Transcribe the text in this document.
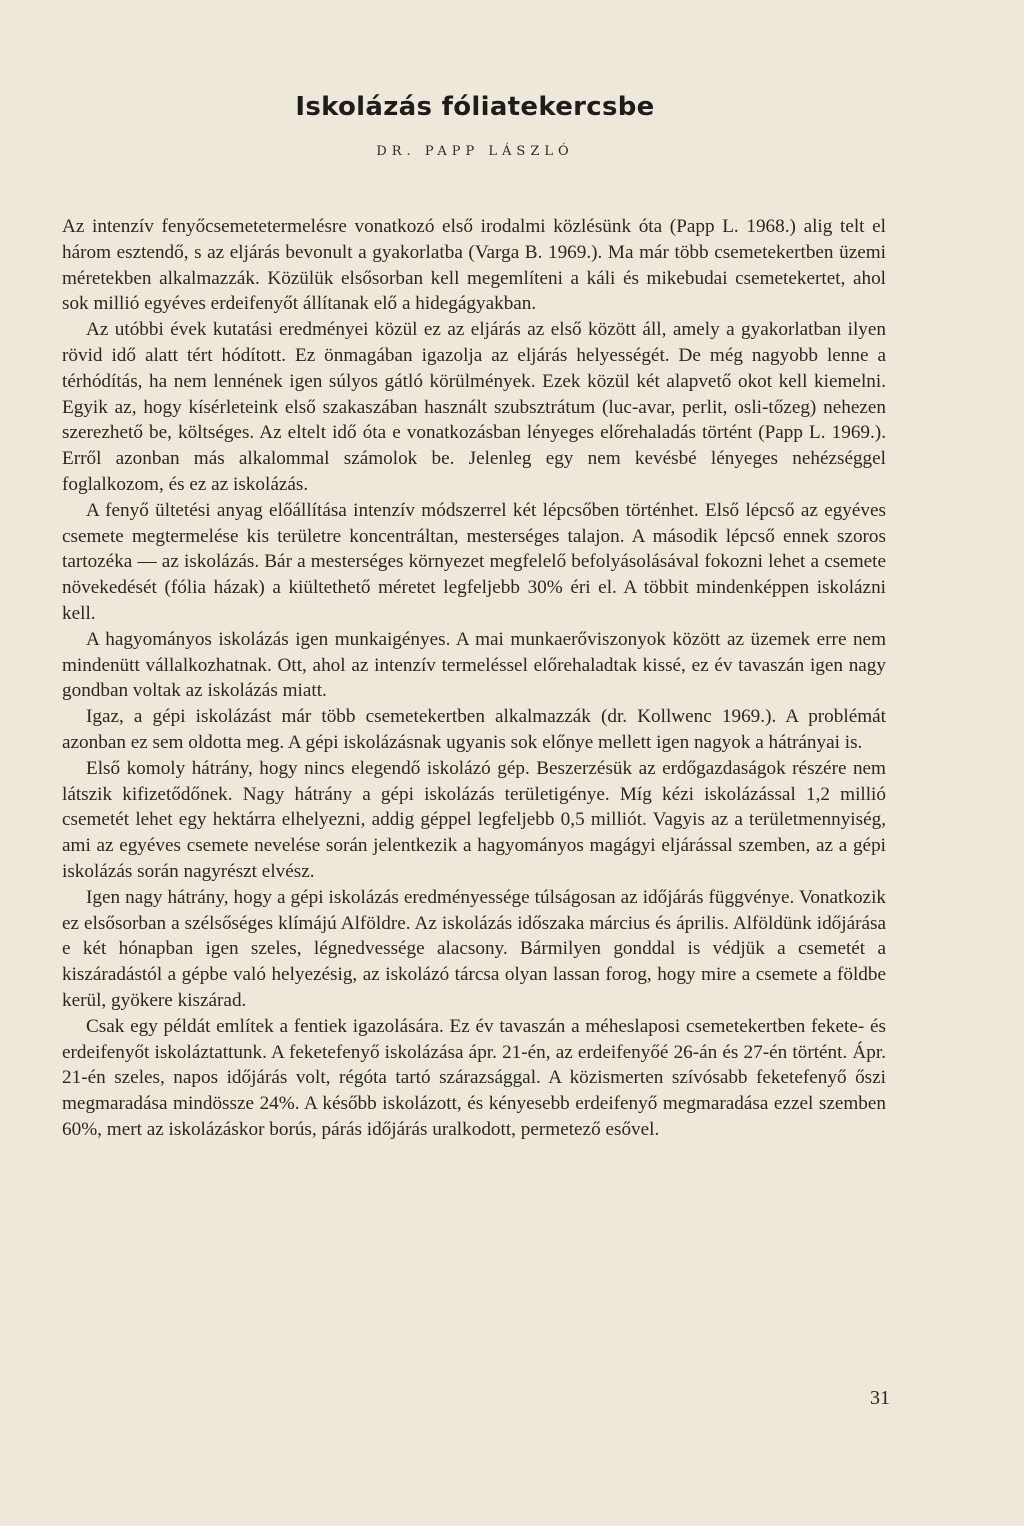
Iskolázás fóliatekercsbe
DR. PAPP LÁSZLÓ

Az intenzív fenyőcsemetetermelésre vonatkozó első irodalmi közlésünk óta (Papp L. 1968.) alig telt el három esztendő, s az eljárás bevonult a gyakorlatba (Varga B. 1969.). Ma már több csemetekertben üzemi méretekben alkalmazzák. Közülük elsősorban kell megemlíteni a káli és mikebudai csemetekertet, ahol sok millió egyéves erdeifenyőt állítanak elő a hidegágyakban.

Az utóbbi évek kutatási eredményei közül ez az eljárás az első között áll, amely a gyakorlatban ilyen rövid idő alatt tért hódított. Ez önmagában igazolja az eljárás helyességét. De még nagyobb lenne a térhódítás, ha nem lennének igen súlyos gátló körülmények. Ezek közül két alapvető okot kell kiemelni. Egyik az, hogy kísérleteink első szakaszában használt szubsztrátum (luc-avar, perlit, osli-tőzeg) nehezen szerezhető be, költséges. Az eltelt idő óta e vonatkozásban lényeges előrehaladás történt (Papp L. 1969.). Erről azonban más alkalommal számolok be. Jelenleg egy nem kevésbé lényeges nehézséggel foglalkozom, és ez az iskolázás.

A fenyő ültetési anyag előállítása intenzív módszerrel két lépcsőben történhet. Első lépcső az egyéves csemete megtermelése kis területre koncentráltan, mesterséges talajon. A második lépcső ennek szoros tartozéka — az iskolázás. Bár a mesterséges környezet megfelelő befolyásolásával fokozni lehet a csemete növekedését (fólia házak) a kiültethető méretet legfeljebb 30% éri el. A többit mindenképpen iskolázni kell.

A hagyományos iskolázás igen munkaigényes. A mai munkaerőviszonyok között az üzemek erre nem mindenütt vállalkozhatnak. Ott, ahol az intenzív termeléssel előrehaladtak kissé, ez év tavaszán igen nagy gondban voltak az iskolázás miatt.

Igaz, a gépi iskolázást már több csemetekertben alkalmazzák (dr. Kollwenc 1969.). A problémát azonban ez sem oldotta meg. A gépi iskolázásnak ugyanis sok előnye mellett igen nagyok a hátrányai is.

Első komoly hátrány, hogy nincs elegendő iskolázó gép. Beszerzésük az erdőgazdaságok részére nem látszik kifizetődőnek. Nagy hátrány a gépi iskolázás területigénye. Míg kézi iskolázással 1,2 millió csemetét lehet egy hektárra elhelyezni, addig géppel legfeljebb 0,5 milliót. Vagyis az a területmennyiség, ami az egyéves csemete nevelése során jelentkezik a hagyományos magágyi eljárással szemben, az a gépi iskolázás során nagyrészt elvész.

Igen nagy hátrány, hogy a gépi iskolázás eredményessége túlságosan az időjárás függvénye. Vonatkozik ez elsősorban a szélsőséges klímájú Alföldre. Az iskolázás időszaka március és április. Alföldünk időjárása e két hónapban igen szeles, légnedvessége alacsony. Bármilyen gonddal is védjük a csemetét a kiszáradástól a gépbe való helyezésig, az iskolázó tárcsa olyan lassan forog, hogy mire a csemete a földbe kerül, gyökere kiszárad.

Csak egy példát említek a fentiek igazolására. Ez év tavaszán a méheslaposi csemetekertben fekete- és erdeifenyőt iskoláztattunk. A feketefenyő iskolázása ápr. 21-én, az erdeifenyőé 26-án és 27-én történt. Ápr. 21-én szeles, napos időjárás volt, régóta tartó szárazsággal. A közismerten szívósabb feketefenyő őszi megmaradása mindössze 24%. A később iskolázott, és kényesebb erdeifenyő megmaradása ezzel szemben 60%, mert az iskolázáskor borús, párás időjárás uralkodott, permetező esővel.

31
